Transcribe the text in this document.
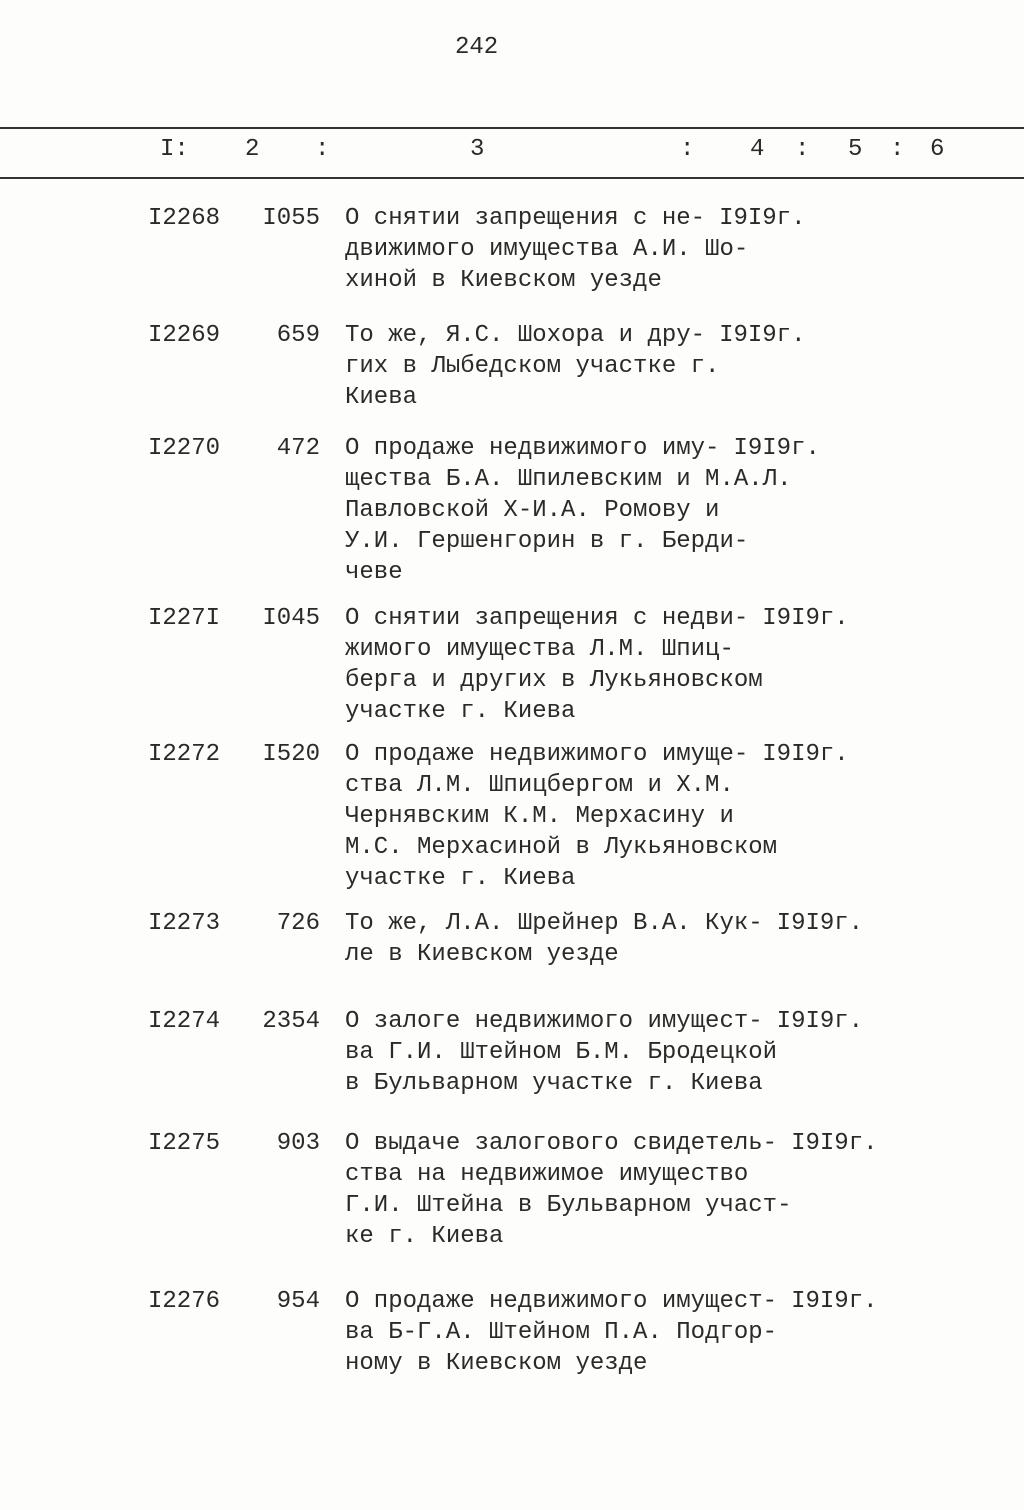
242
I: 2 :	3	: 4 : 5 : 6
I2268	I055 О снятии запрещения с не- I9I9г.
движимого имущества А.И. Шо-
хиной в Киевском уезде
I2269	659 То же, Я.С. Шохора и дру- I9I9г.
гих в Лыбедском участке г.
Киева
I2270	472 О продаже недвижимого иму- I9I9г.
щества Б.А. Шпилевским и М.А.Л.
Павловской Х-И.А. Ромову и
У.И. Гершенгорин в г. Берди-
чеве
I227I	I045 О снятии запрещения с недви- I9I9г.
жимого имущества Л.М. Шпиц-
берга и других в Лукьяновском
участке г. Киева
I2272	I520 О продаже недвижимого имуще- I9I9г.
ства Л.М. Шпицбергом и Х.М.
Чернявским К.М. Мерхасину и
М.С. Мерхасиной в Лукьяновском
участке г. Киева
I2273	726 То же, Л.А. Шрейнер В.А. Кук- I9I9г.
ле в Киевском уезде
I2274	2354 О залоге недвижимого имущест- I9I9г.
ва Г.И. Штейном Б.М. Бродецкой
в Бульварном участке г. Киева
I2275	903 О выдаче залогового свидетель- I9I9г.
ства на недвижимое имущество
Г.И. Штейна в Бульварном участ-
ке г. Киева
I2276	954 О продаже недвижимого имущест- I9I9г.
ва Б-Г.А. Штейном П.А. Подгор-
ному в Киевском уезде
